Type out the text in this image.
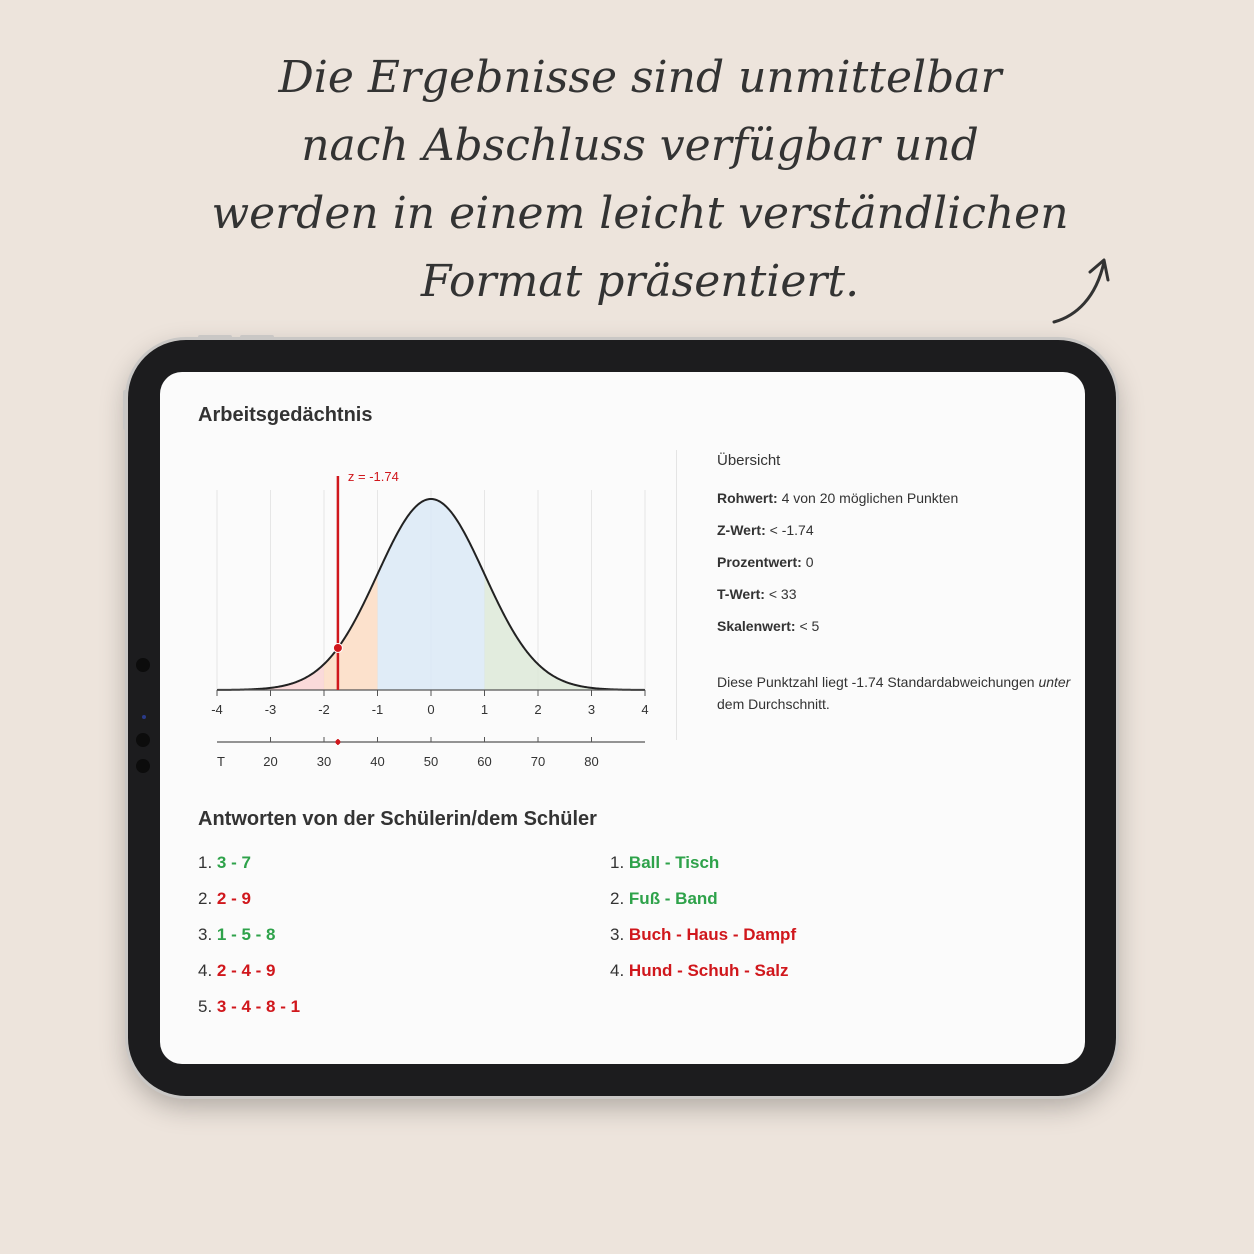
Die Ergebnisse sind unmittelbar
nach Abschluss verfügbar und
werden in einem leicht verständlichen
Format präsentiert.
Arbeitsgedächtnis
-4	-3	-2	-1	0	1	2	3	4
T	20	30	40	50	60	70	80
z = -1.74
Übersicht
Rohwert: 4 von 20 möglichen Punkten
Z-Wert: < -1.74
Prozentwert: 0
T-Wert: < 33
Skalenwert: < 5
Diese Punktzahl liegt -1.74 Standardabweichungen unter dem Durchschnitt.
Antworten von der Schülerin/dem Schüler
1. 3 - 7
2. 2 - 9
3. 1 - 5 - 8
4. 2 - 4 - 9
5. 3 - 4 - 8 - 1
1. Ball - Tisch
2. Fuß - Band
3. Buch - Haus - Dampf
4. Hund - Schuh - Salz
